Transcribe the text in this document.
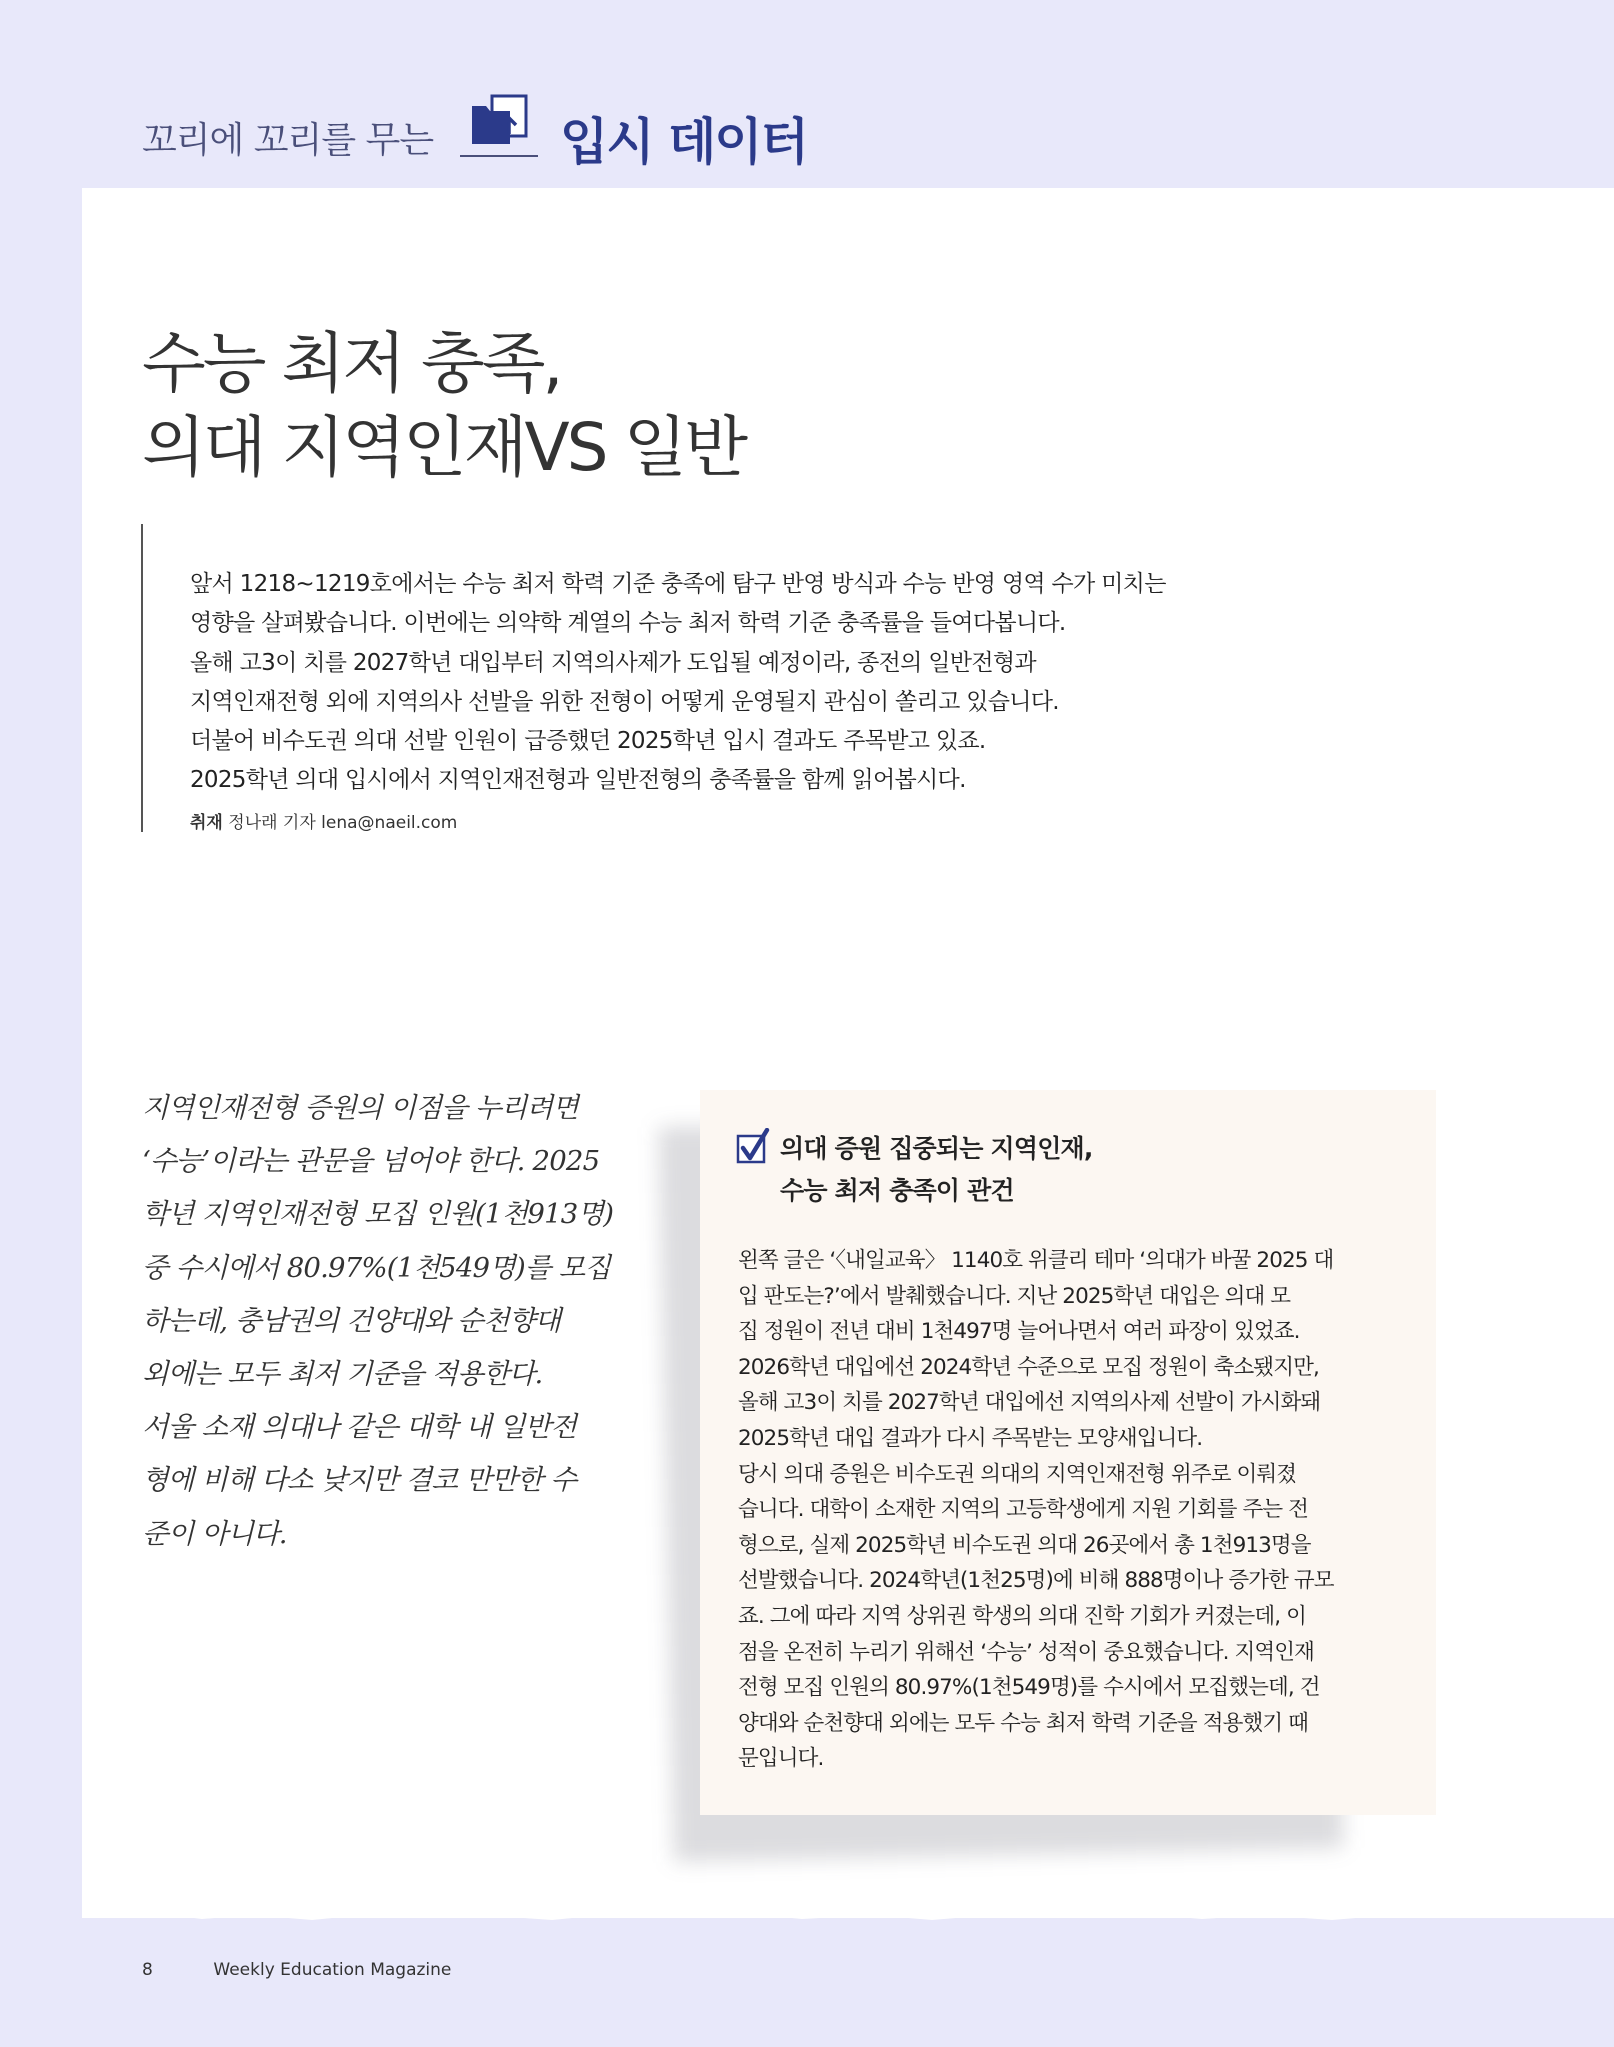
꼬리에 꼬리를 무는	입시 데이터
수능 최저 충족,
의대 지역인재VS 일반
앞서 1218~1219호에서는 수능 최저 학력 기준 충족에 탐구 반영 방식과 수능 반영 영역 수가 미치는
영향을 살펴봤습니다. 이번에는 의약학 계열의 수능 최저 학력 기준 충족률을 들여다봅니다.
올해 고3이 치를 2027학년 대입부터 지역의사제가 도입될 예정이라, 종전의 일반전형과
지역인재전형 외에 지역의사 선발을 위한 전형이 어떻게 운영될지 관심이 쏠리고 있습니다.
더불어 비수도권 의대 선발 인원이 급증했던 2025학년 입시 결과도 주목받고 있죠.
2025학년 의대 입시에서 지역인재전형과 일반전형의 충족률을 함께 읽어봅시다.
취재 정나래 기자 lena@naeil.com
지역인재전형 증원의 이점을 누리려면
‘수능’이라는 관문을 넘어야 한다. 2025
학년 지역인재전형 모집 인원(1천913명)
중 수시에서 80.97%(1천549명)를 모집
하는데, 충남권의 건양대와 순천향대
외에는 모두 최저 기준을 적용한다.
서울 소재 의대나 같은 대학 내 일반전
형에 비해 다소 낮지만 결코 만만한 수
준이 아니다.
의대 증원 집중되는 지역인재,
수능 최저 충족이 관건
왼쪽 글은 ‘〈내일교육〉 1140호 위클리 테마 ‘의대가 바꿀 2025 대
입 판도는?’에서 발췌했습니다. 지난 2025학년 대입은 의대 모
집 정원이 전년 대비 1천497명 늘어나면서 여러 파장이 있었죠.
2026학년 대입에선 2024학년 수준으로 모집 정원이 축소됐지만,
올해 고3이 치를 2027학년 대입에선 지역의사제 선발이 가시화돼
2025학년 대입 결과가 다시 주목받는 모양새입니다.
당시 의대 증원은 비수도권 의대의 지역인재전형 위주로 이뤄졌
습니다. 대학이 소재한 지역의 고등학생에게 지원 기회를 주는 전
형으로, 실제 2025학년 비수도권 의대 26곳에서 총 1천913명을
선발했습니다. 2024학년(1천25명)에 비해 888명이나 증가한 규모
죠. 그에 따라 지역 상위권 학생의 의대 진학 기회가 커졌는데, 이
점을 온전히 누리기 위해선 ‘수능’ 성적이 중요했습니다. 지역인재
전형 모집 인원의 80.97%(1천549명)를 수시에서 모집했는데, 건
양대와 순천향대 외에는 모두 수능 최저 학력 기준을 적용했기 때
문입니다.
8	Weekly Education Magazine
